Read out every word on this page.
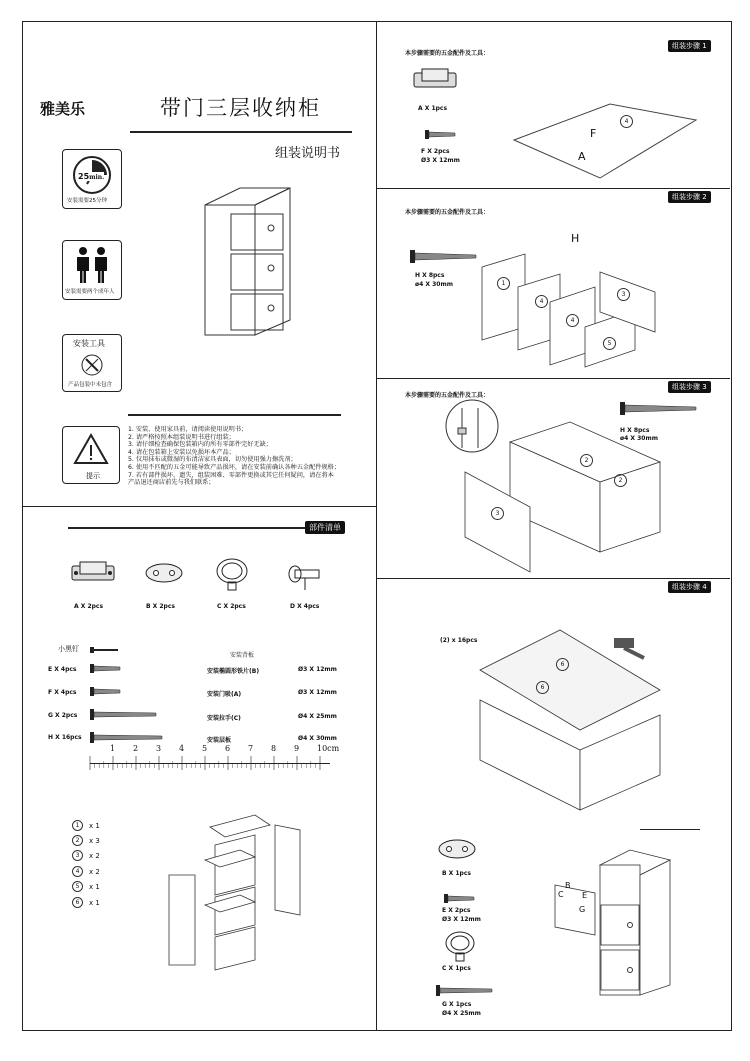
雅美乐	带门三层收纳柜
组装说明书
25min.
安装需要25分钟
安装需要两个成年人
安装工具
产品包装中未包含
提示
1. 安装、使用家具前，请阅读使用说明书；
2. 请严格按照本组装说明书进行组装；
3. 请仔细检查确保包装箱内的所有零部件完好无缺；
4. 请在包装箱上安装以免损坏本产品；
5. 仅用抹布或微湿的布清洁家具表面，切勿使用强力擦洗剂；
6. 使用不匹配的五金可能导致产品损坏，请在安装前确认各种五金配件规格；
7. 若有部件损坏、遗失，组装困难、零部件更换或其它任何疑问，请在将本
产品退还商店前先与我们联系；
部件清单
A X 2pcs	B X 2pcs	C X 2pcs	D X 4pcs
小黑钉
安装背板
E X 4pcs	安装椭圆形铁片(B)	Ø3 X 12mm
F X 4pcs	安装门吸(A)	Ø3 X 12mm
G X 2pcs	安装拉手(C)	Ø4 X 25mm
H X 16pcs	安装层板	Ø4 X 30mm
1 2 3 4 5 6 7 8 9 10cm
1	x 1
2	x 3
3	x 2
4	x 2
5	x 1
6	x 1
本步骤需要的五金配件及工具：
组装步骤 1
A X 1pcs
F X 2pcs
Ø3 X 12mm
F
A
4
本步骤需要的五金配件及工具：
组装步骤 2
H X 8pcs
ø4 X 30mm
H
1
4
3
4
5
本步骤需要的五金配件及工具：
组装步骤 3
H X 8pcs
ø4 X 30mm
2
2
3
组装步骤 4
(2) x 16pcs
6
6
B X 1pcs
E X 2pcs
Ø3 X 12mm
C X 1pcs
G X 1pcs
Ø4 X 25mm
B
C E
G
